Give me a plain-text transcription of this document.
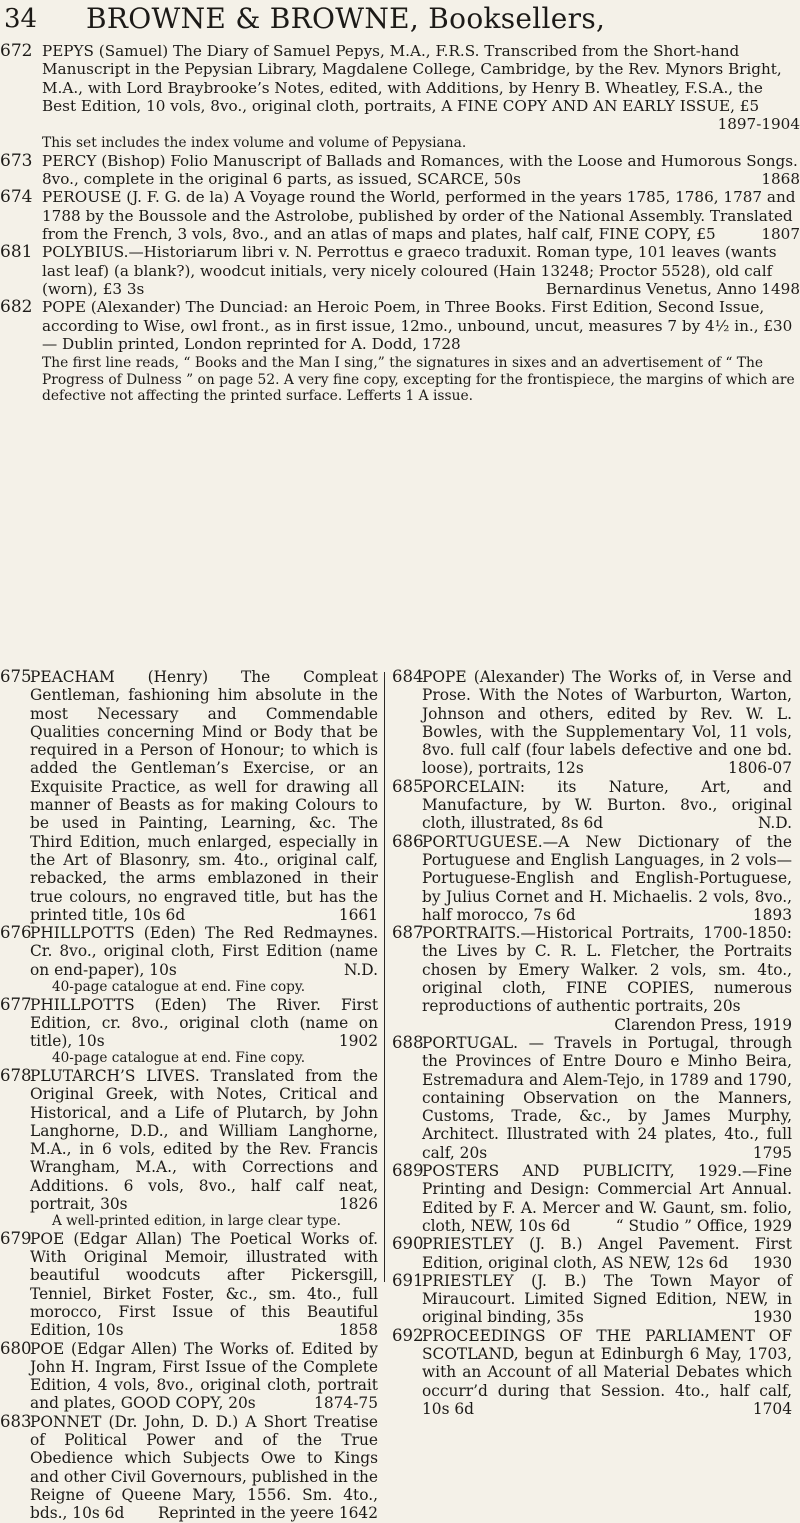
34 BROWNE & BROWNE, Booksellers,
672 PEPYS (Samuel) The Diary of Samuel Pepys, M.A., F.R.S. Transcribed from the Short-hand Manuscript in the Pepysian Library, Magdalene College, Cambridge, by the Rev. Mynors Bright, M.A., with Lord Braybrooke’s Notes, edited, with Additions, by Henry B. Wheatley, F.S.A., the Best Edition, 10 vols, 8vo., original cloth, portraits, A FINE COPY AND AN EARLY ISSUE, £5
1897-1904
This set includes the index volume and volume of Pepysiana.
673 PERCY (Bishop) Folio Manuscript of Ballads and Romances, with the Loose and Humorous Songs. 8vo., complete in the original 6 parts, as issued, SCARCE, 50s	1868
674 PEROUSE (J. F. G. de la) A Voyage round the World, performed in the years 1785, 1786, 1787 and 1788 by the Boussole and the Astrolobe, published by order of the National Assembly. Translated from the French, 3 vols, 8vo., and an atlas of maps and plates, half calf, FINE COPY, £5	1807
681 POLYBIUS.—Historiarum libri v. N. Perrottus e graeco traduxit. Roman type, 101 leaves (wants last leaf) (a blank?), woodcut initials, very nicely coloured (Hain 13248; Proctor 5528), old calf (worn), £3 3s	Bernardinus Venetus, Anno 1498
682 POPE (Alexander) The Dunciad: an Heroic Poem, in Three Books. First Edition, Second Issue, according to Wise, owl front., as in first issue, 12mo., unbound, uncut, measures 7 by 4½ in., £30 — Dublin printed, London reprinted for A. Dodd, 1728
The first line reads, “ Books and the Man I sing,” the signatures in sixes and an advertisement of “ The Progress of Dulness ” on page 52. A very fine copy, excepting for the frontispiece, the margins of which are defective not affecting the printed surface. Lefferts 1 A issue.
675
PEACHAM (Henry) The Compleat Gentleman, fashioning him absolute in the most Necessary and Commendable Qualities concerning Mind or Body that be required in a Person of Honour; to which is added the Gentleman’s Exercise, or an Exquisite Practice, as well for drawing all manner of Beasts as for making Colours to be used in Painting, Learning, &c. The Third Edition, much enlarged, especially in the Art of Blasonry, sm. 4to., original calf, rebacked, the arms emblazoned in their true colours, no engraved title, but has the printed title, 10s 6d	1661
676
PHILLPOTTS (Eden) The Red Redmaynes. Cr. 8vo., original cloth, First Edition (name on end-paper), 10s	N.D.
40-page catalogue at end. Fine copy.
677
PHILLPOTTS (Eden) The River. First Edition, cr. 8vo., original cloth (name on title), 10s	1902
40-page catalogue at end. Fine copy.
678
PLUTARCH’S LIVES. Translated from the Original Greek, with Notes, Critical and Historical, and a Life of Plutarch, by John Langhorne, D.D., and William Langhorne, M.A., in 6 vols, edited by the Rev. Francis Wrangham, M.A., with Corrections and Additions. 6 vols, 8vo., half calf neat, portrait, 30s	1826
A well-printed edition, in large clear type.
679
POE (Edgar Allan) The Poetical Works of. With Original Memoir, illustrated with beautiful woodcuts after Pickersgill, Tenniel, Birket Foster, &c., sm. 4to., full morocco, First Issue of this Beautiful Edition, 10s	1858
680
POE (Edgar Allen) The Works of. Edited by John H. Ingram, First Issue of the Complete Edition, 4 vols, 8vo., original cloth, portrait and plates, GOOD COPY, 20s	1874-75
683
PONNET (Dr. John, D. D.) A Short Treatise of Political Power and of the True Obedience which Subjects Owe to Kings and other Civil Governours, published in the Reigne of Queene Mary, 1556. Sm. 4to., bds., 10s 6d	Reprinted in the yeere 1642
684
POPE (Alexander) The Works of, in Verse and Prose. With the Notes of Warburton, Warton, Johnson and others, edited by Rev. W. L. Bowles, with the Supplementary Vol, 11 vols, 8vo. full calf (four labels defective and one bd. loose), portraits, 12s	1806-07
685
PORCELAIN: its Nature, Art, and Manufacture, by W. Burton. 8vo., original cloth, illustrated, 8s 6d	N.D.
686
PORTUGUESE.—A New Dictionary of the Portuguese and English Languages, in 2 vols—Portuguese-English and English-Portuguese, by Julius Cornet and H. Michaelis. 2 vols, 8vo., half morocco, 7s 6d	1893
687
PORTRAITS.—Historical Portraits, 1700-1850: the Lives by C. R. L. Fletcher, the Portraits chosen by Emery Walker. 2 vols, sm. 4to., original cloth, FINE COPIES, numerous reproductions of authentic portraits, 20s
Clarendon Press, 1919
688
PORTUGAL. — Travels in Portugal, through the Provinces of Entre Douro e Minho Beira, Estremadura and Alem-Tejo, in 1789 and 1790, containing Observation on the Manners, Customs, Trade, &c., by James Murphy, Architect. Illustrated with 24 plates, 4to., full calf, 20s	1795
689
POSTERS AND PUBLICITY, 1929.—Fine Printing and Design: Commercial Art Annual. Edited by F. A. Mercer and W. Gaunt, sm. folio, cloth, NEW, 10s 6d	“ Studio ” Office, 1929
690
PRIESTLEY (J. B.) Angel Pavement. First Edition, original cloth, AS NEW, 12s 6d	1930
691
PRIESTLEY (J. B.) The Town Mayor of Miraucourt. Limited Signed Edition, NEW, in original binding, 35s	1930
692
PROCEEDINGS OF THE PARLIAMENT OF SCOTLAND, begun at Edinburgh 6 May, 1703, with an Account of all Material Debates which occurr’d during that Session. 4to., half calf, 10s 6d	1704
